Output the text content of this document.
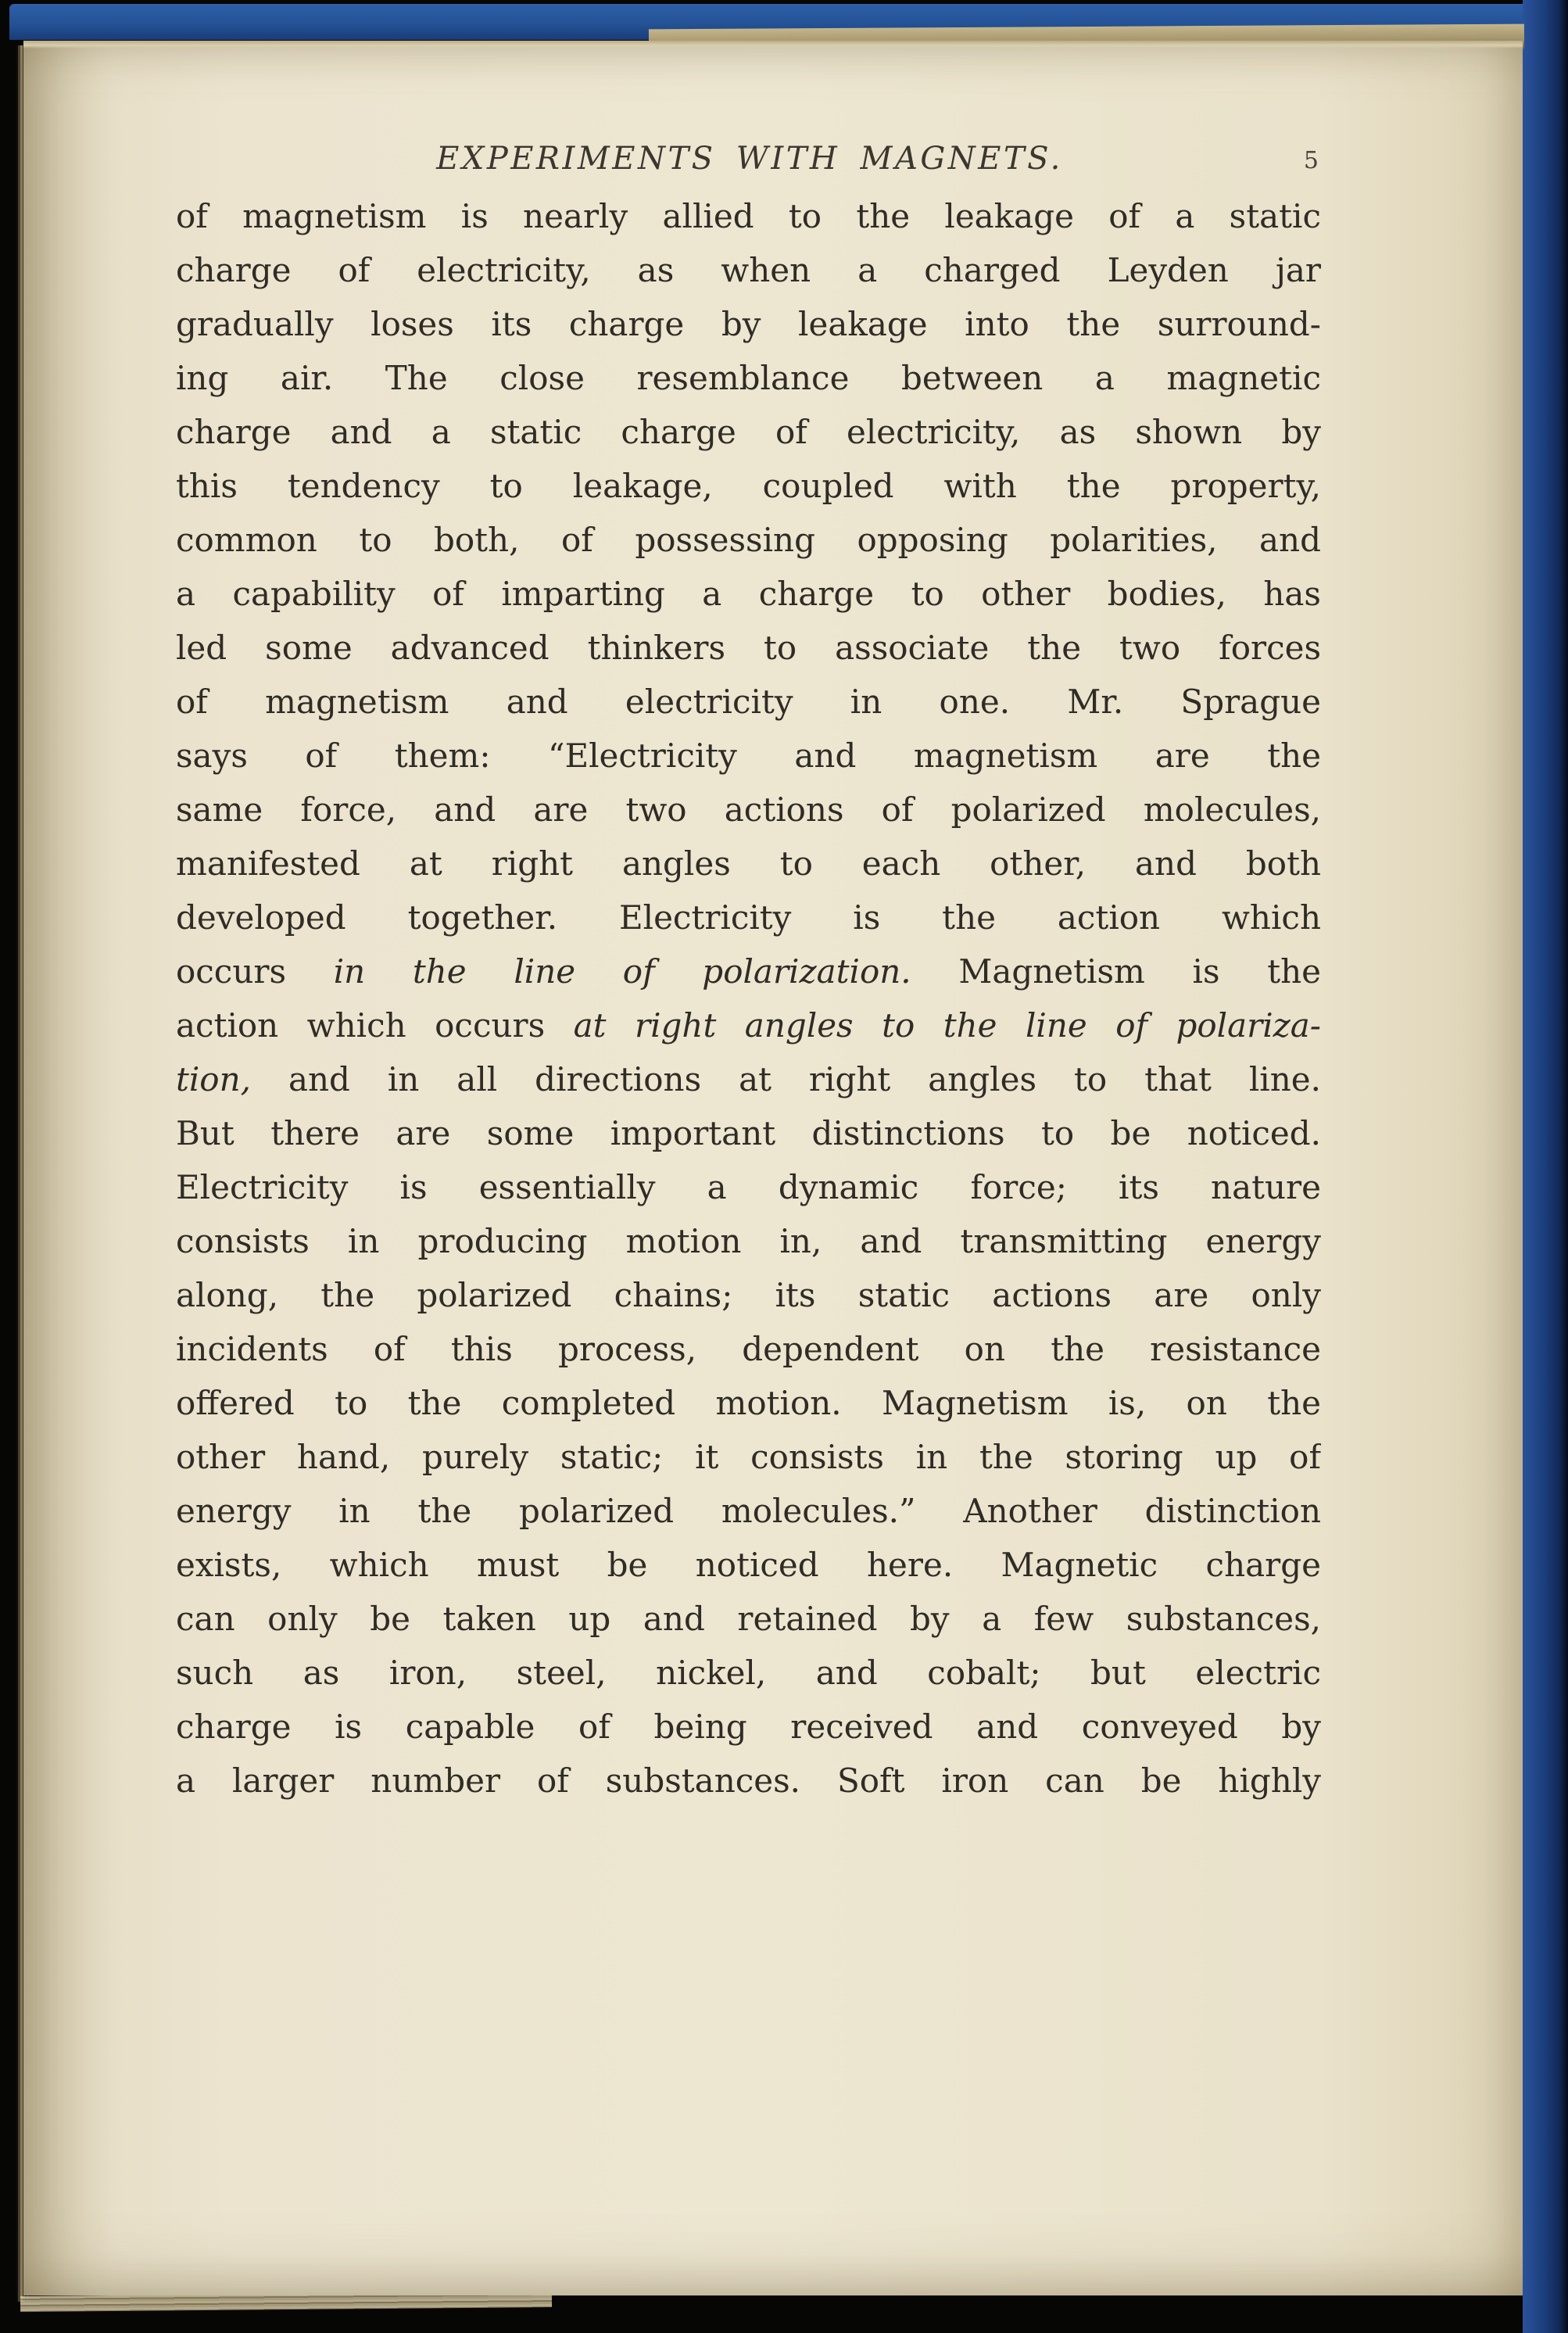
EXPERIMENTS WITH MAGNETS.	5
of magnetism is nearly allied to the leakage of a static
charge of electricity, as when a charged Leyden jar
gradually loses its charge by leakage into the surround-
ing air. The close resemblance between a magnetic
charge and a static charge of electricity, as shown by
this tendency to leakage, coupled with the property,
common to both, of possessing opposing polarities, and
a capability of imparting a charge to other bodies, has
led some advanced thinkers to associate the two forces
of magnetism and electricity in one. Mr. Sprague
says of them: “Electricity and magnetism are the
same force, and are two actions of polarized molecules,
manifested at right angles to each other, and both
developed together. Electricity is the action which
occurs in the line of polarization. Magnetism is the
action which occurs at right angles to the line of polariza-
tion, and in all directions at right angles to that line.
But there are some important distinctions to be noticed.
Electricity is essentially a dynamic force; its nature
consists in producing motion in, and transmitting energy
along, the polarized chains; its static actions are only
incidents of this process, dependent on the resistance
offered to the completed motion. Magnetism is, on the
other hand, purely static; it consists in the storing up of
energy in the polarized molecules.” Another distinction
exists, which must be noticed here. Magnetic charge
can only be taken up and retained by a few substances,
such as iron, steel, nickel, and cobalt; but electric
charge is capable of being received and conveyed by
a larger number of substances. Soft iron can be highly
